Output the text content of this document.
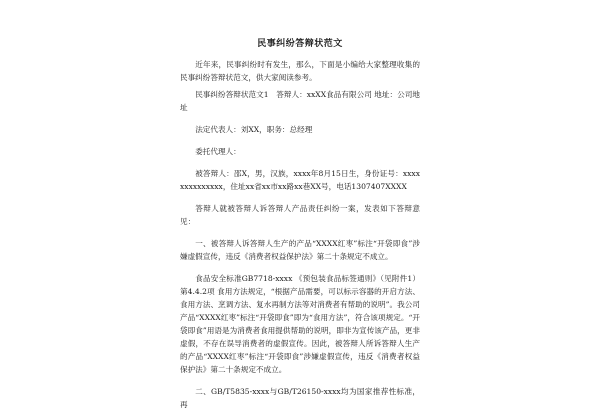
民事纠纷答辩状范文

近年来，民事纠纷时有发生，那么，下面是小编给大家整理收集的民事纠纷答辩状范文，供大家阅读参考。

民事纠纷答辩状范文1　答辩人：xxXX食品有限公司 地址：公司地址

法定代表人：刘XX，职务：总经理

委托代理人：

被答辩人：邵X，男，汉族，xxxx年8月15日生，身份证号：xxxxxxxxxxxxxx，住址xx省xx市xx路xx巷XX号，电话1307407XXXX

答辩人就被答辩人诉答辩人产品责任纠纷一案，发表如下答辩意见：

一、被答辩人诉答辩人生产的产品“XXXX红枣”标注“开袋即食”涉嫌虚假宣传，违反《消费者权益保护法》第二十条规定不成立。

食品安全标准GB7718-xxxx 《预包装食品标签通则》（见附件1）第4.4.2项 食用方法规定，“根据产品需要，可以标示容器的开启方法、食用方法、烹调方法、复水再制方法等对消费者有帮助的说明”。我公司产品“XXXX红枣”标注“开袋即食”即为“食用方法”，符合该项规定。“开袋即食”用语是为消费者食用提供帮助的说明，即非为宣传该产品，更非虚假，不存在误导消费者的虚假宣传。因此，被答辩人所诉答辩人生产的产品“XXXX红枣”标注“开袋即食”涉嫌虚假宣传，违反《消费者权益保护法》第二十条规定不成立。

二、GB/T5835-xxxx与GB/T26150-xxxx均为国家推荐性标准，再
